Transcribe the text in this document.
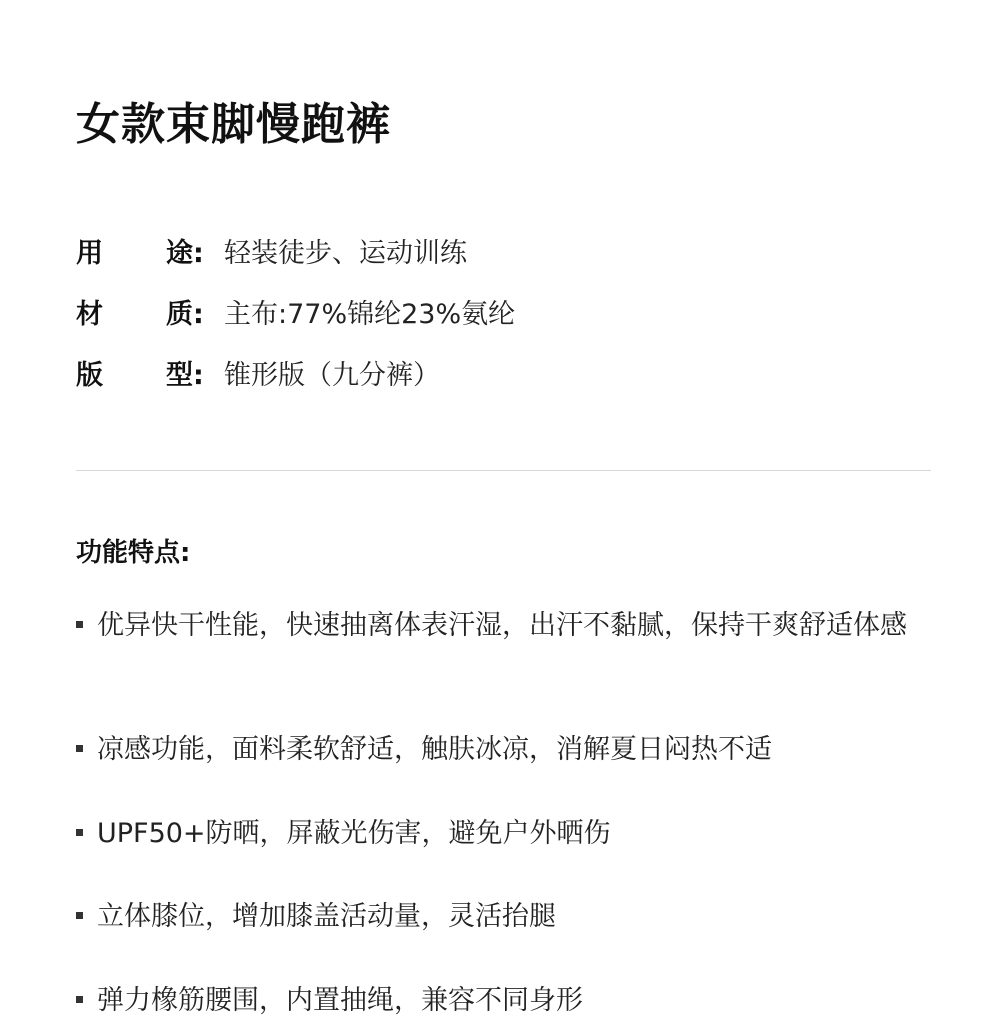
女款束脚慢跑裤
用 途: 轻装徒步、运动训练
材 质: 主布:77%锦纶23%氨纶
版 型: 锥形版（九分裤）
功能特点:
优异快干性能，快速抽离体表汗湿，出汗不黏腻，保持干爽舒适体感
凉感功能，面料柔软舒适，触肤冰凉，消解夏日闷热不适
UPF50+防晒，屏蔽光伤害，避免户外晒伤
立体膝位，增加膝盖活动量，灵活抬腿
弹力橡筋腰围，内置抽绳，兼容不同身形
